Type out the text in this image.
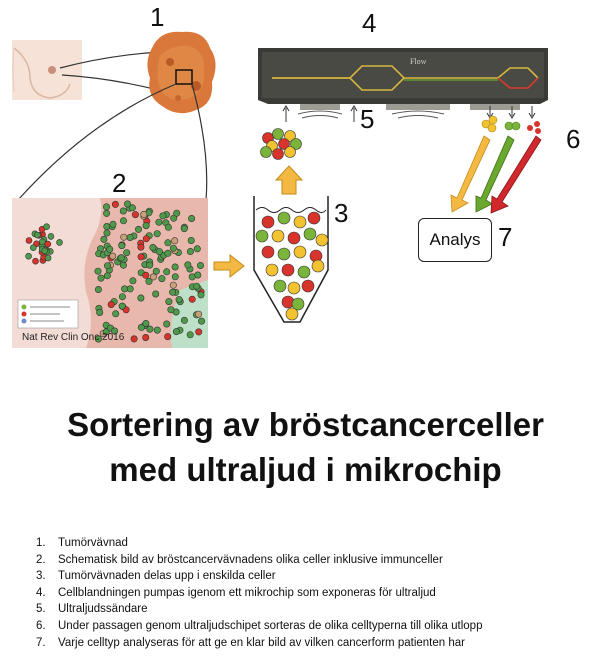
Flow
1	4
2
3
5
6
7
Analys
Nat Rev Clin Onc 2016
Sortering av bröstcancerceller
med ultraljud i mikrochip
1. Tumörvävnad
2. Schematisk bild av bröstcancervävnadens olika celler inklusive immunceller
3. Tumörvävnaden delas upp i enskilda celler
4. Cellblandningen pumpas igenom ett mikrochip som exponeras för ultraljud
5. Ultraljudssändare
6. Under passagen genom ultraljudschipet sorteras de olika celltyperna till olika utlopp
7. Varje celltyp analyseras för att ge en klar bild av vilken cancerform patienten har
